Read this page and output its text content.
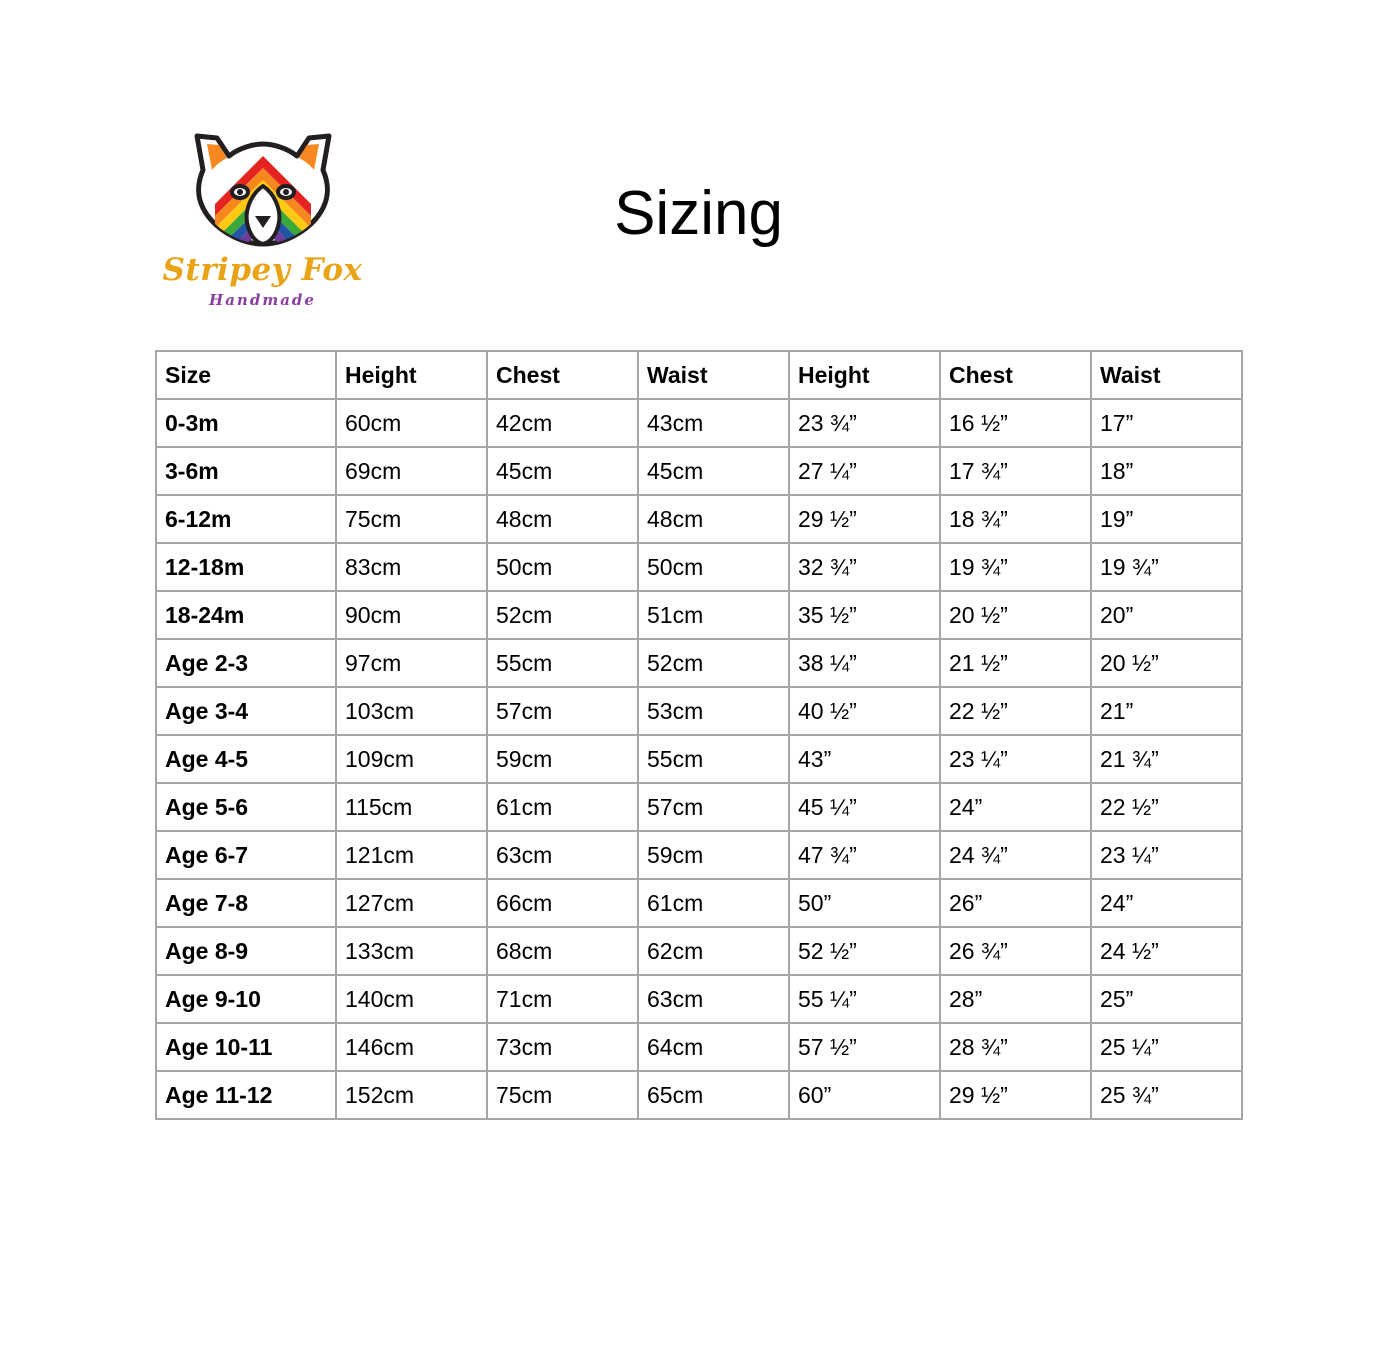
Stripey Fox
Handmade
Sizing
Size	Height	Chest	Waist	Height	Chest	Waist
0-3m	60cm	42cm	43cm	23 ¾”	16 ½”	17”
3-6m	69cm	45cm	45cm	27 ¼”	17 ¾”	18”
6-12m	75cm	48cm	48cm	29 ½”	18 ¾”	19”
12-18m	83cm	50cm	50cm	32 ¾”	19 ¾”	19 ¾”
18-24m	90cm	52cm	51cm	35 ½”	20 ½”	20”
Age 2-3	97cm	55cm	52cm	38 ¼”	21 ½”	20 ½”
Age 3-4	103cm	57cm	53cm	40 ½”	22 ½”	21”
Age 4-5	109cm	59cm	55cm	43”	23 ¼”	21 ¾”
Age 5-6	115cm	61cm	57cm	45 ¼”	24”	22 ½”
Age 6-7	121cm	63cm	59cm	47 ¾”	24 ¾”	23 ¼”
Age 7-8	127cm	66cm	61cm	50”	26”	24”
Age 8-9	133cm	68cm	62cm	52 ½”	26 ¾”	24 ½”
Age 9-10	140cm	71cm	63cm	55 ¼”	28”	25”
Age 10-11	146cm	73cm	64cm	57 ½”	28 ¾”	25 ¼”
Age 11-12	152cm	75cm	65cm	60”	29 ½”	25 ¾”
